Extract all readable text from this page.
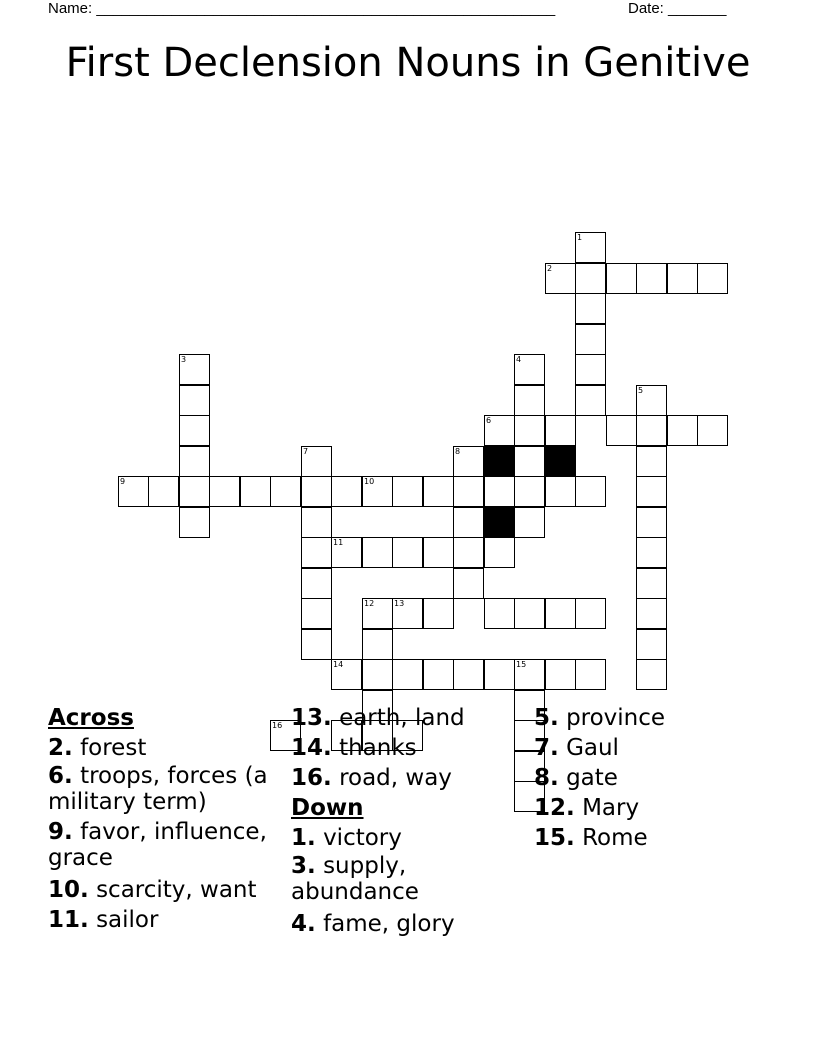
Name: _______________________________________________________	Date: _______
First Declension Nouns in Genitive
1
2
3	4
5
6
7	8
9	10
11
12 13
14	15
16
Across
2. forest
6. troops, forces (a military term)
9. favor, influence, grace
10. scarcity, want
11. sailor
13. earth, land
14. thanks
16. road, way
Down
1. victory
3. supply, abundance
4. fame, glory
5. province
7. Gaul
8. gate
12. Mary
15. Rome
